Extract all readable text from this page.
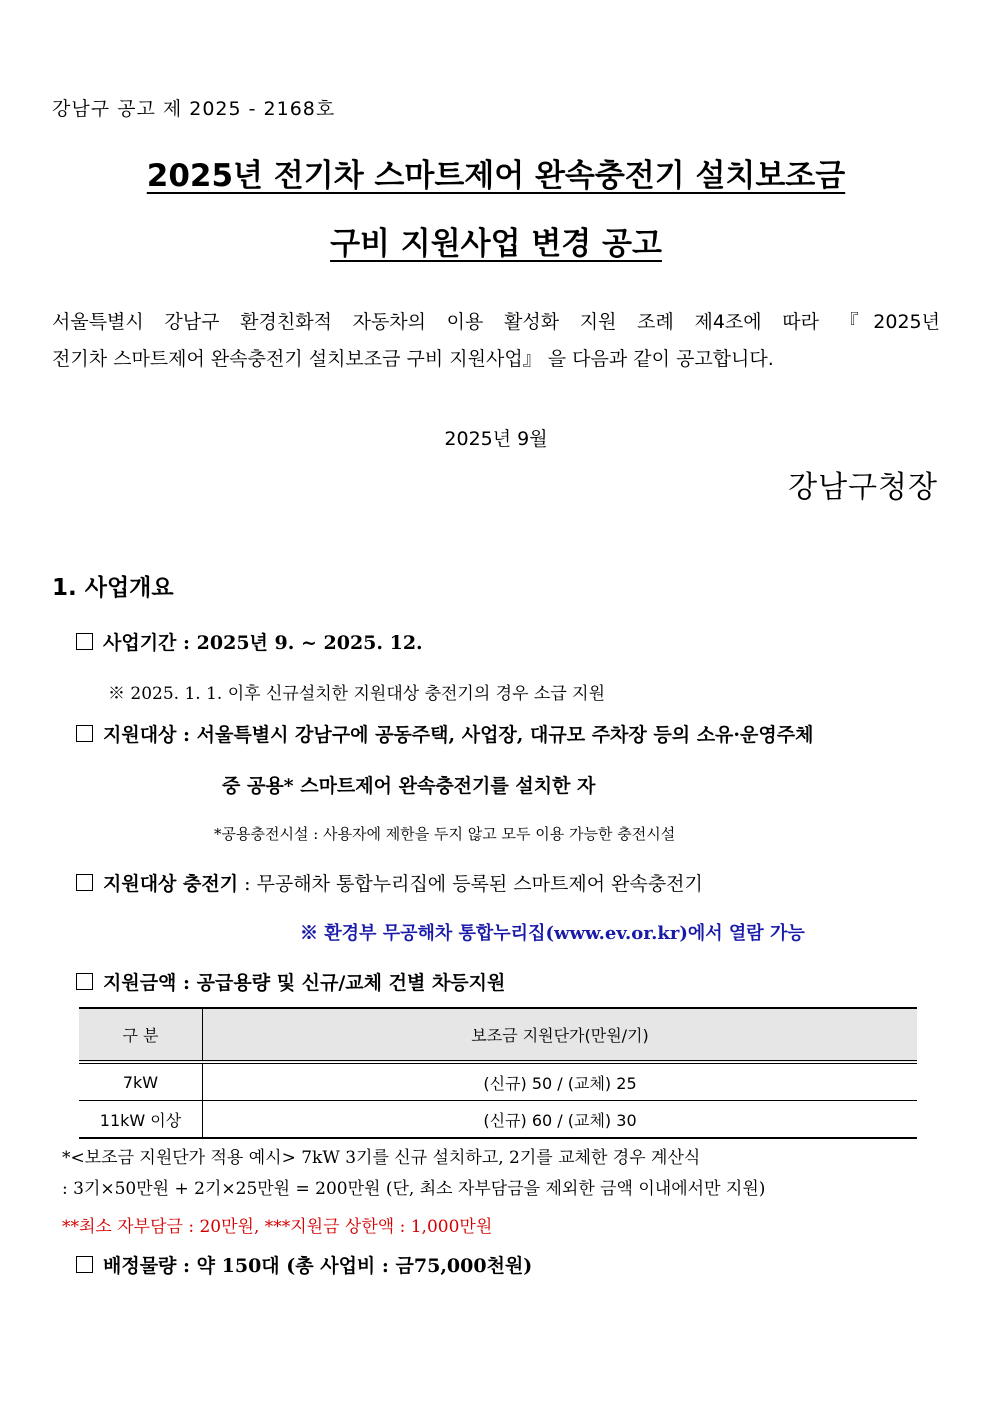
강남구 공고 제 2025 - 2168호
2025년 전기차 스마트제어 완속충전기 설치보조금
구비 지원사업 변경 공고
서울특별시 강남구 환경친화적 자동차의 이용 활성화 지원 조례 제4조에 따라 『2025년
전기차 스마트제어 완속충전기 설치보조금 구비 지원사업』 을 다음과 같이 공고합니다.
2025년 9월
강남구청장
1. 사업개요
사업기간 : 2025년 9. ~ 2025. 12.
※ 2025. 1. 1. 이후 신규설치한 지원대상 충전기의 경우 소급 지원
지원대상 : 서울특별시 강남구에 공동주택, 사업장, 대규모 주차장 등의 소유·운영주체
중 공용* 스마트제어 완속충전기를 설치한 자
*공용충전시설 : 사용자에 제한을 두지 않고 모두 이용 가능한 충전시설
지원대상 충전기 : 무공해차 통합누리집에 등록된 스마트제어 완속충전기
※ 환경부 무공해차 통합누리집(www.ev.or.kr)에서 열람 가능
지원금액 : 공급용량 및 신규/교체 건별 차등지원
구 분	보조금 지원단가(만원/기)
7kW	(신규) 50 / (교체) 25
11kW 이상	(신규) 60 / (교체) 30
*<보조금 지원단가 적용 예시> 7kW 3기를 신규 설치하고, 2기를 교체한 경우 계산식
: 3기×50만원 + 2기×25만원 = 200만원 (단, 최소 자부담금을 제외한 금액 이내에서만 지원)
**최소 자부담금 : 20만원, ***지원금 상한액 : 1,000만원
배정물량 : 약 150대 (총 사업비 : 금75,000천원)
